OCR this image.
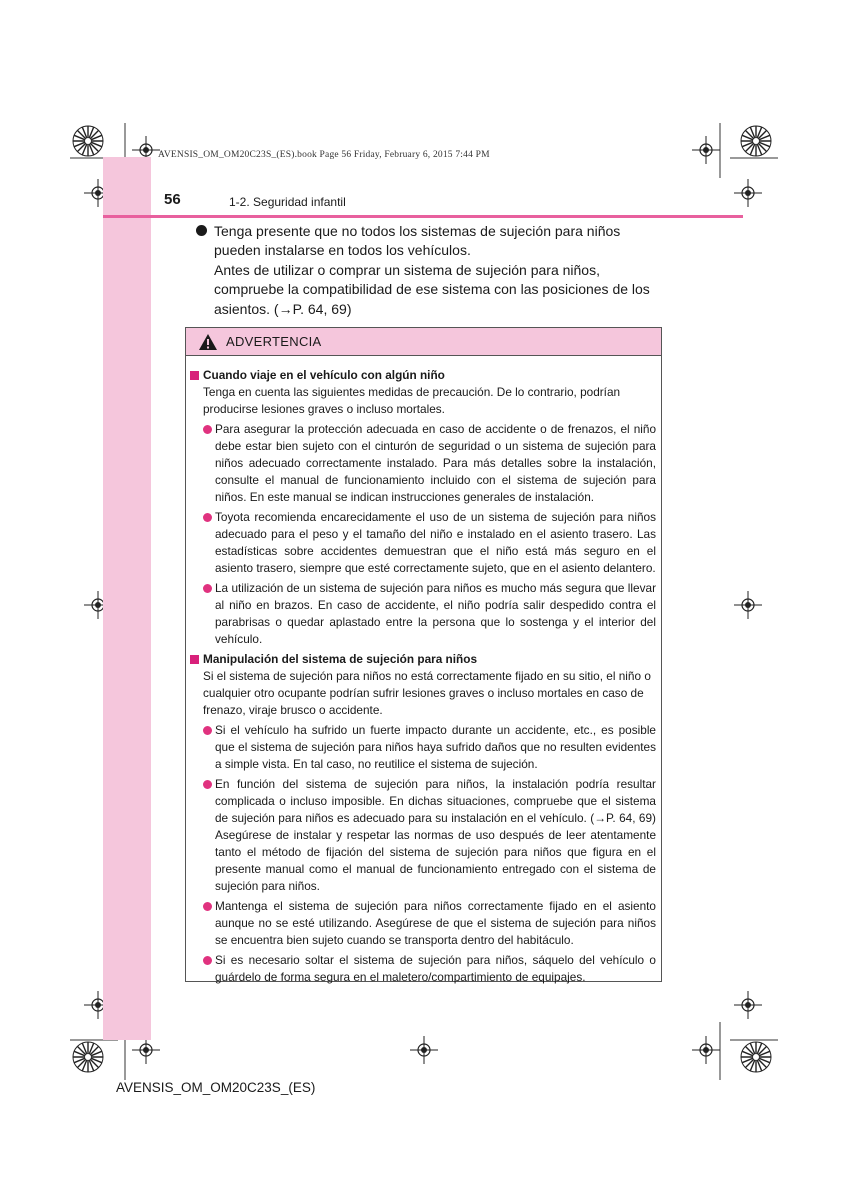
AVENSIS_OM_OM20C23S_(ES).book Page 56 Friday, February 6, 2015 7:44 PM
56	1-2. Seguridad infantil

Tenga presente que no todos los sistemas de sujeción para niños pueden instalarse en todos los vehículos.

Antes de utilizar o comprar un sistema de sujeción para niños, compruebe la compatibilidad de ese sistema con las posiciones de los asientos. (→P. 64, 69)

ADVERTENCIA
Cuando viaje en el vehículo con algún niño

Tenga en cuenta las siguientes medidas de precaución. De lo contrario, podrían producirse lesiones graves o incluso mortales.

Para asegurar la protección adecuada en caso de accidente o de frenazos, el niño debe estar bien sujeto con el cinturón de seguridad o un sistema de sujeción para niños adecuado correctamente instalado. Para más detalles sobre la instalación, consulte el manual de funcionamiento incluido con el sistema de sujeción para niños. En este manual se indican instrucciones generales de instalación.
Toyota recomienda encarecidamente el uso de un sistema de sujeción para niños adecuado para el peso y el tamaño del niño e instalado en el asiento trasero. Las estadísticas sobre accidentes demuestran que el niño está más seguro en el asiento trasero, siempre que esté correctamente sujeto, que en el asiento delantero.
La utilización de un sistema de sujeción para niños es mucho más segura que llevar al niño en brazos. En caso de accidente, el niño podría salir despedido contra el parabrisas o quedar aplastado entre la persona que lo sostenga y el interior del vehículo.
Manipulación del sistema de sujeción para niños

Si el sistema de sujeción para niños no está correctamente fijado en su sitio, el niño o cualquier otro ocupante podrían sufrir lesiones graves o incluso mortales en caso de frenazo, viraje brusco o accidente.

Si el vehículo ha sufrido un fuerte impacto durante un accidente, etc., es posible que el sistema de sujeción para niños haya sufrido daños que no resulten evidentes a simple vista. En tal caso, no reutilice el sistema de sujeción.
En función del sistema de sujeción para niños, la instalación podría resultar complicada o incluso imposible. En dichas situaciones, compruebe que el sistema de sujeción para niños es adecuado para su instalación en el vehículo. (→P. 64, 69) Asegúrese de instalar y respetar las normas de uso después de leer atentamente tanto el método de fijación del sistema de sujeción para niños que figura en el presente manual como el manual de funcionamiento entregado con el sistema de sujeción para niños.
Mantenga el sistema de sujeción para niños correctamente fijado en el asiento aunque no se esté utilizando. Asegúrese de que el sistema de sujeción para niños se encuentra bien sujeto cuando se transporta dentro del habitáculo.
Si es necesario soltar el sistema de sujeción para niños, sáquelo del vehículo o guárdelo de forma segura en el maletero/compartimiento de equipajes.
AVENSIS_OM_OM20C23S_(ES)
